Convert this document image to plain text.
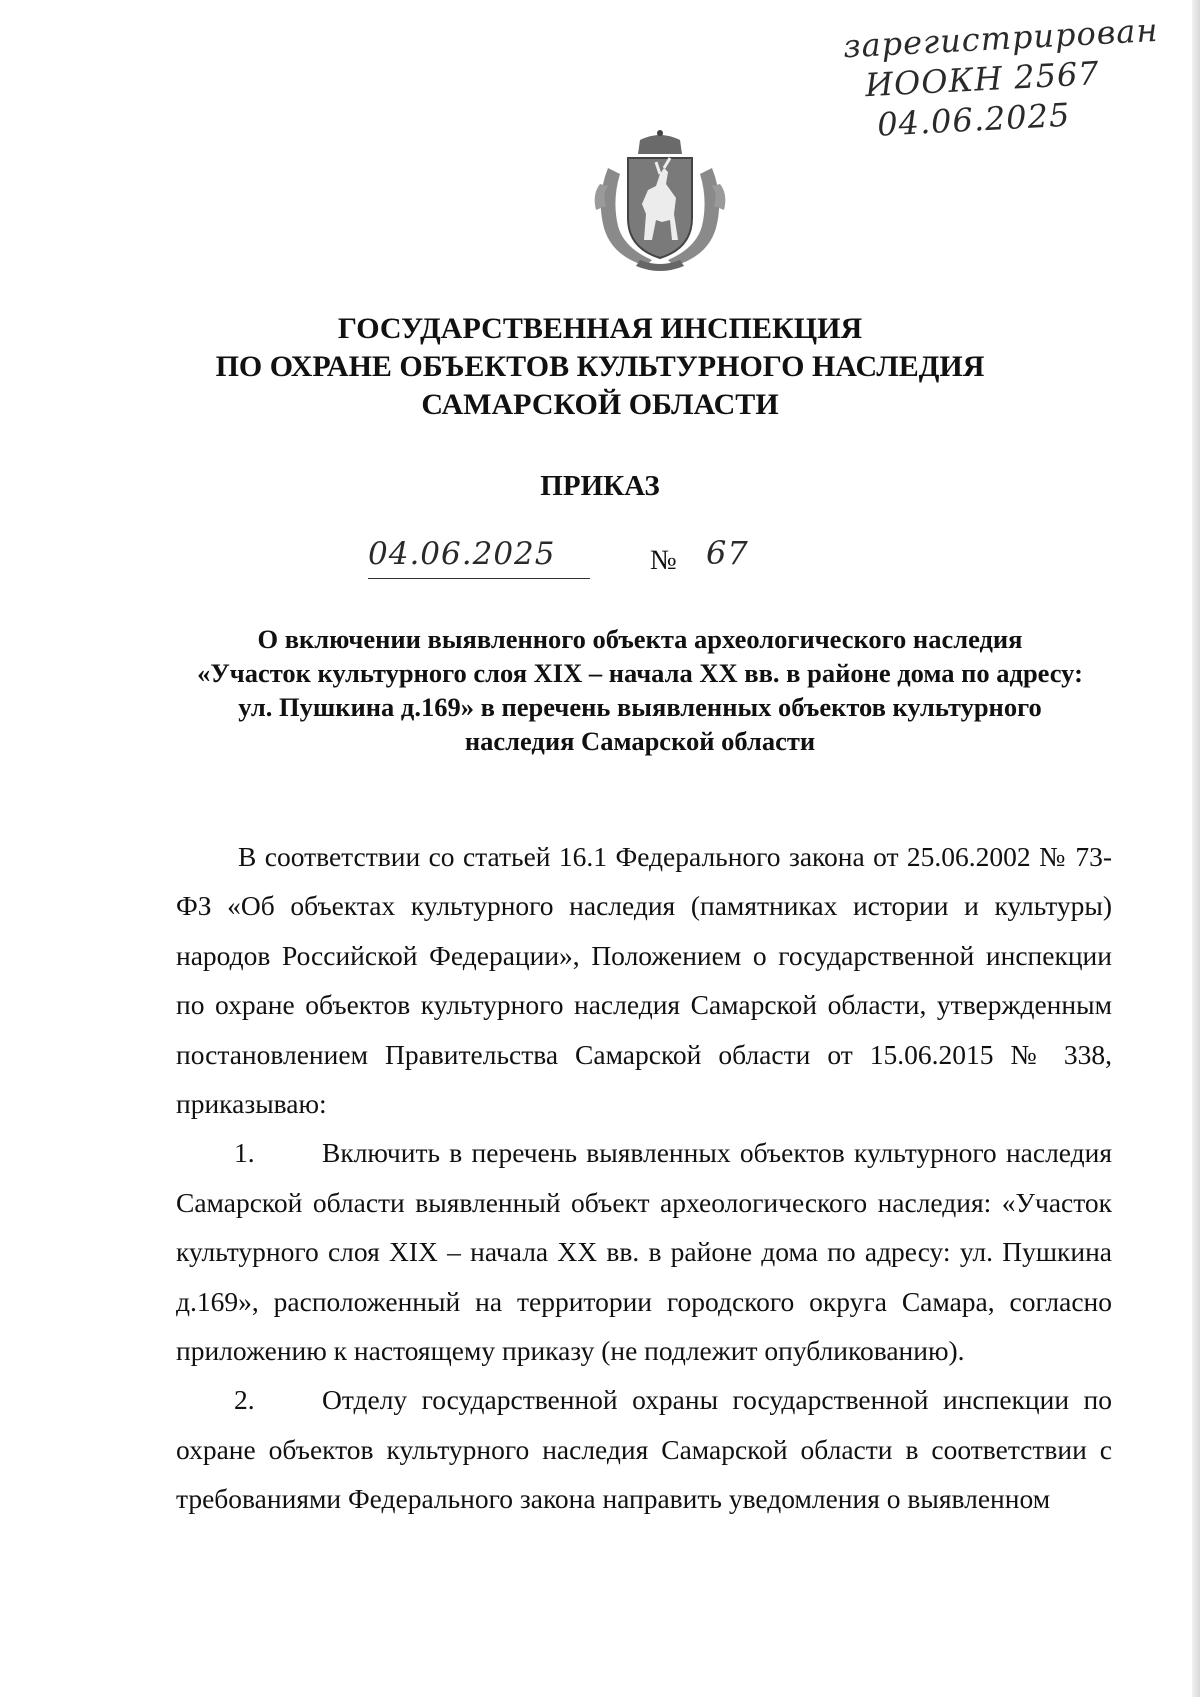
зарегистрирован
ИООКН 2567
04.06.2025
ГОСУДАРСТВЕННАЯ ИНСПЕКЦИЯ
ПО ОХРАНЕ ОБЪЕКТОВ КУЛЬТУРНОГО НАСЛЕДИЯ
САМАРСКОЙ ОБЛАСТИ
ПРИКАЗ
04.06.2025	№ 67
О включении выявленного объекта археологического наследия
«Участок культурного слоя XIX – начала XX вв. в районе дома по адресу:
ул. Пушкина д.169» в перечень выявленных объектов культурного
наследия Самарской области

В соответствии со статьей 16.1 Федерального закона от 25.06.2002 № 73-ФЗ «Об объектах культурного наследия (памятниках истории и культуры) народов Российской Федерации», Положением о государственной инспекции по охране объектов культурного наследия Самарской области, утвержденным постановлением Правительства Самарской области от 15.06.2015 № 338, приказываю:

1. Включить в перечень выявленных объектов культурного наследия Самарской области выявленный объект археологического наследия: «Участок культурного слоя XIX – начала XX вв. в районе дома по адресу: ул. Пушкина д.169», расположенный на территории городского округа Самара, согласно приложению к настоящему приказу (не подлежит опубликованию).

2. Отделу государственной охраны государственной инспекции по охране объектов культурного наследия Самарской области в соответствии с требованиями Федерального закона направить уведомления о выявленном
